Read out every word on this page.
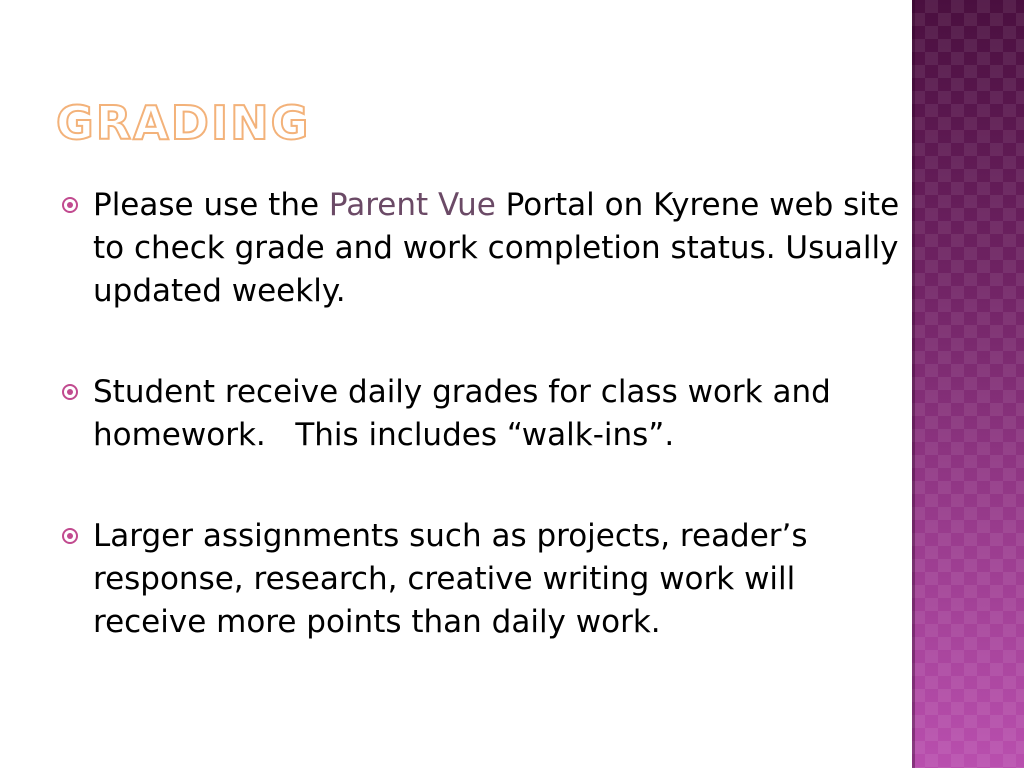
GRADING
Please use the Parent Vue Portal on Kyrene web site to check grade and work completion status. Usually updated weekly.
Student receive daily grades for class work and homework.   This includes “walk-ins”.
Larger assignments such as projects, reader’s response, research, creative writing work will receive more points than daily work.
